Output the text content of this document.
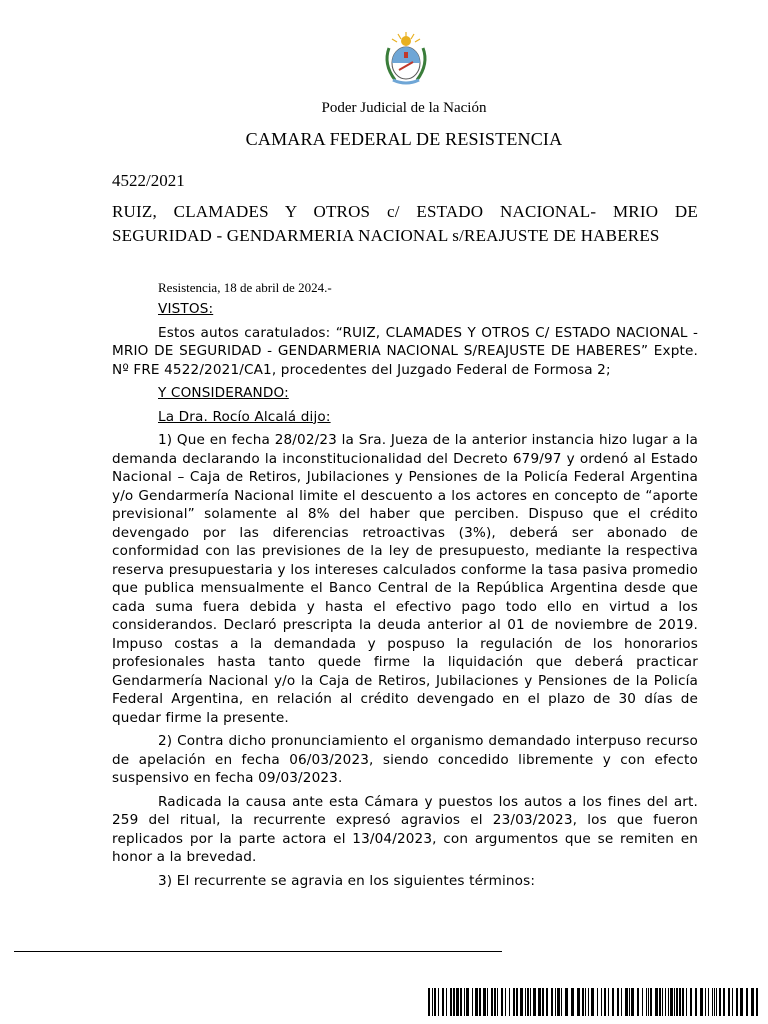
Poder Judicial de la Nación
CAMARA FEDERAL DE RESISTENCIA
4522/2021
RUIZ, CLAMADES Y OTROS c/ ESTADO NACIONAL- MRIO DE SEGURIDAD - GENDARMERIA NACIONAL s/REAJUSTE DE HABERES
Resistencia, 18 de abril de 2024.-

VISTOS:

Estos autos caratulados: “RUIZ, CLAMADES Y OTROS C/ ESTADO NACIONAL -MRIO DE SEGURIDAD - GENDARMERIA NACIONAL S/REAJUSTE DE HABERES” Expte. Nº FRE 4522/2021/CA1, procedentes del Juzgado Federal de Formosa 2;

Y CONSIDERANDO:

La Dra. Rocío Alcalá dijo:

1) Que en fecha 28/02/23 la Sra. Jueza de la anterior instancia hizo lugar a la demanda declarando la inconstitucionalidad del Decreto 679/97 y ordenó al Estado Nacional – Caja de Retiros, Jubilaciones y Pensiones de la Policía Federal Argentina y/o Gendarmería Nacional limite el descuento a los actores en concepto de “aporte previsional” solamente al 8% del haber que perciben. Dispuso que el crédito devengado por las diferencias retroactivas (3%), deberá ser abonado de conformidad con las previsiones de la ley de presupuesto, mediante la respectiva reserva presupuestaria y los intereses calculados conforme la tasa pasiva promedio que publica mensualmente el Banco Central de la República Argentina desde que cada suma fuera debida y hasta el efectivo pago todo ello en virtud a los considerandos. Declaró prescripta la deuda anterior al 01 de noviembre de 2019. Impuso costas a la demandada y pospuso la regulación de los honorarios profesionales hasta tanto quede firme la liquidación que deberá practicar Gendarmería Nacional y/o la Caja de Retiros, Jubilaciones y Pensiones de la Policía Federal Argentina, en relación al crédito devengado en el plazo de 30 días de quedar firme la presente.

2) Contra dicho pronunciamiento el organismo demandado interpuso recurso de apelación en fecha 06/03/2023, siendo concedido libremente y con efecto suspensivo en fecha 09/03/2023.

Radicada la causa ante esta Cámara y puestos los autos a los fines del art. 259 del ritual, la recurrente expresó agravios el 23/03/2023, los que fueron replicados por la parte actora el 13/04/2023, con argumentos que se remiten en honor a la brevedad.

3) El recurrente se agravia en los siguientes términos:
